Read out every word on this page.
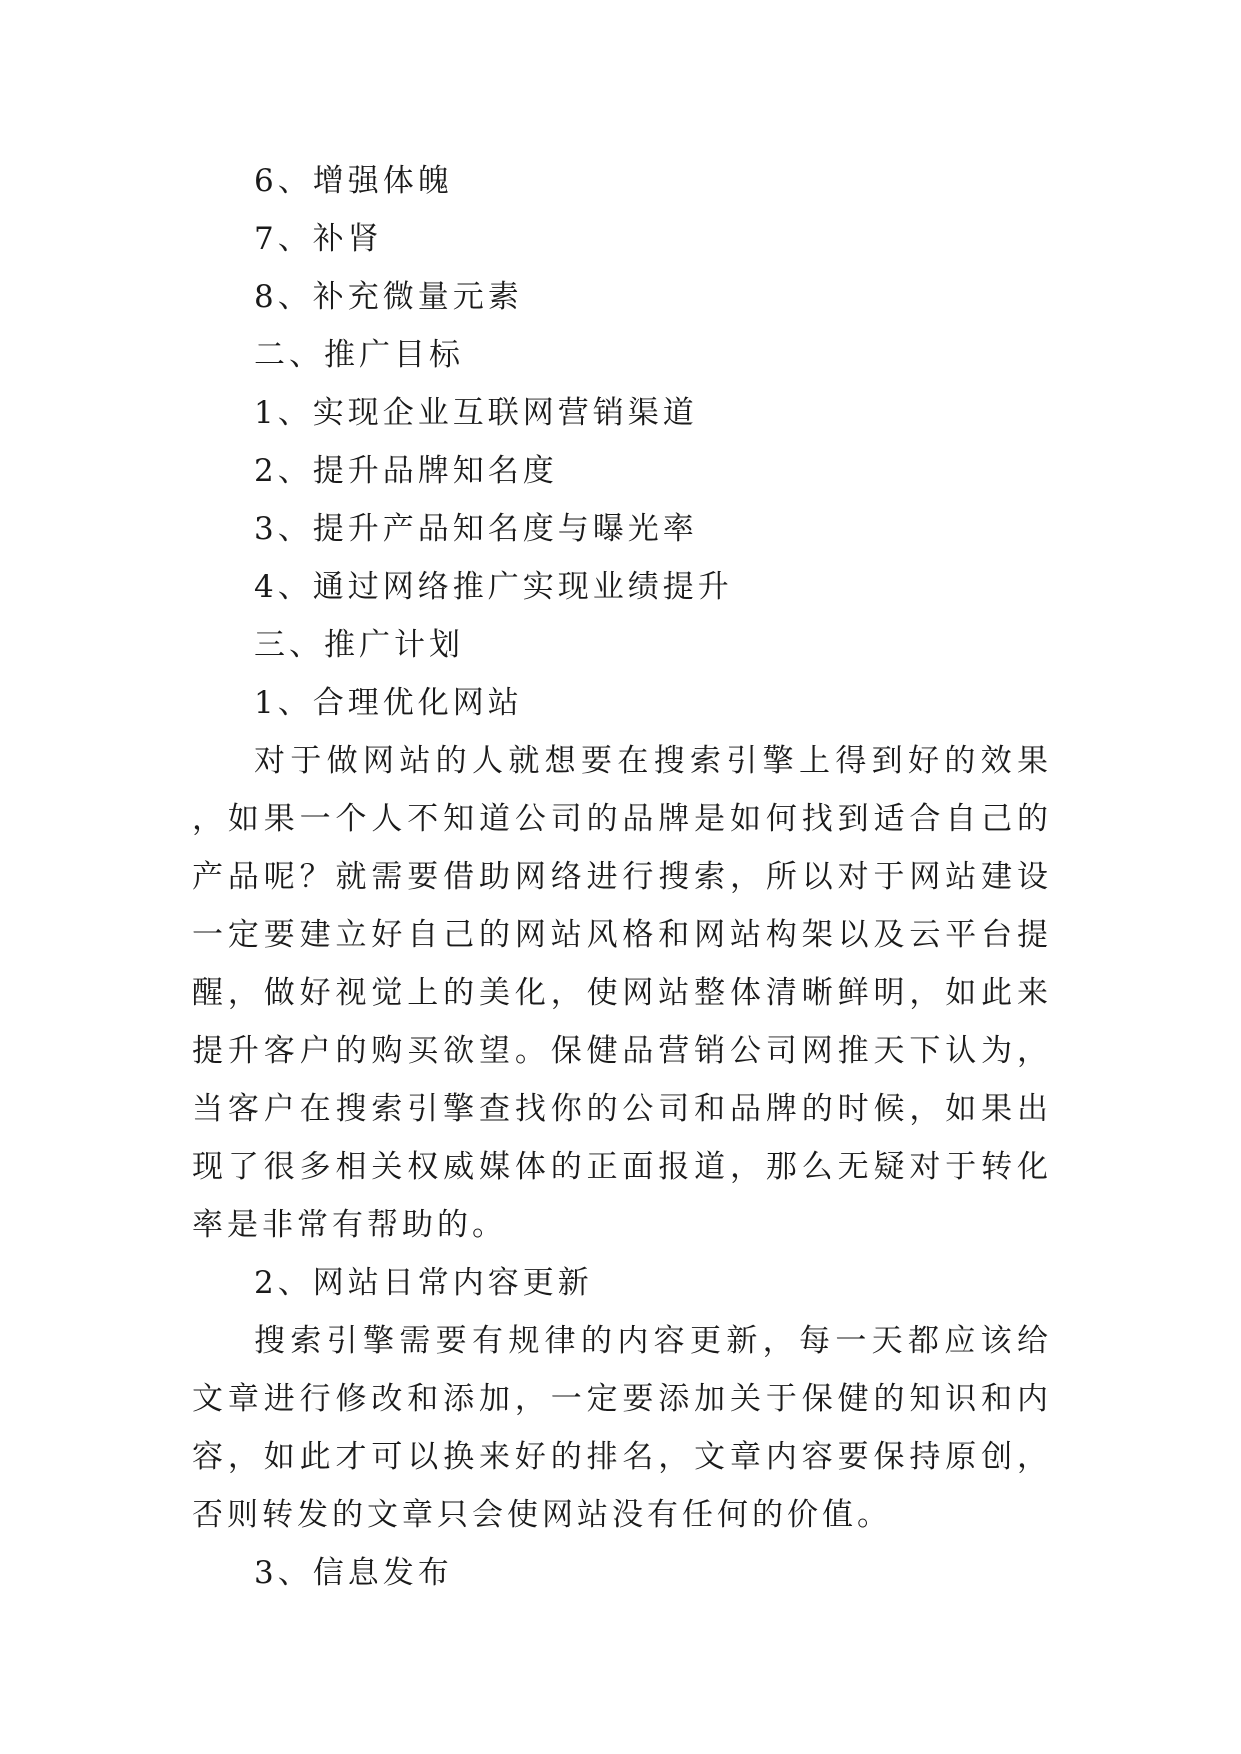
6、增强体魄

7、补肾

8、补充微量元素

二、推广目标

1、实现企业互联网营销渠道

2、提升品牌知名度

3、提升产品知名度与曝光率

4、通过网络推广实现业绩提升

三、推广计划

1、合理优化网站

对于做网站的人就想要在搜索引擎上得到好的效果，如果一个人不知道公司的品牌是如何找到适合自己的产品呢？就需要借助网络进行搜索，所以对于网站建设一定要建立好自己的网站风格和网站构架以及云平台提醒，做好视觉上的美化，使网站整体清晰鲜明，如此来提升客户的购买欲望。保健品营销公司网推天下认为，当客户在搜索引擎查找你的公司和品牌的时候，如果出现了很多相关权威媒体的正面报道，那么无疑对于转化率是非常有帮助的。

2、网站日常内容更新

搜索引擎需要有规律的内容更新，每一天都应该给文章进行修改和添加，一定要添加关于保健的知识和内容，如此才可以换来好的排名，文章内容要保持原创，否则转发的文章只会使网站没有任何的价值。

3、信息发布
